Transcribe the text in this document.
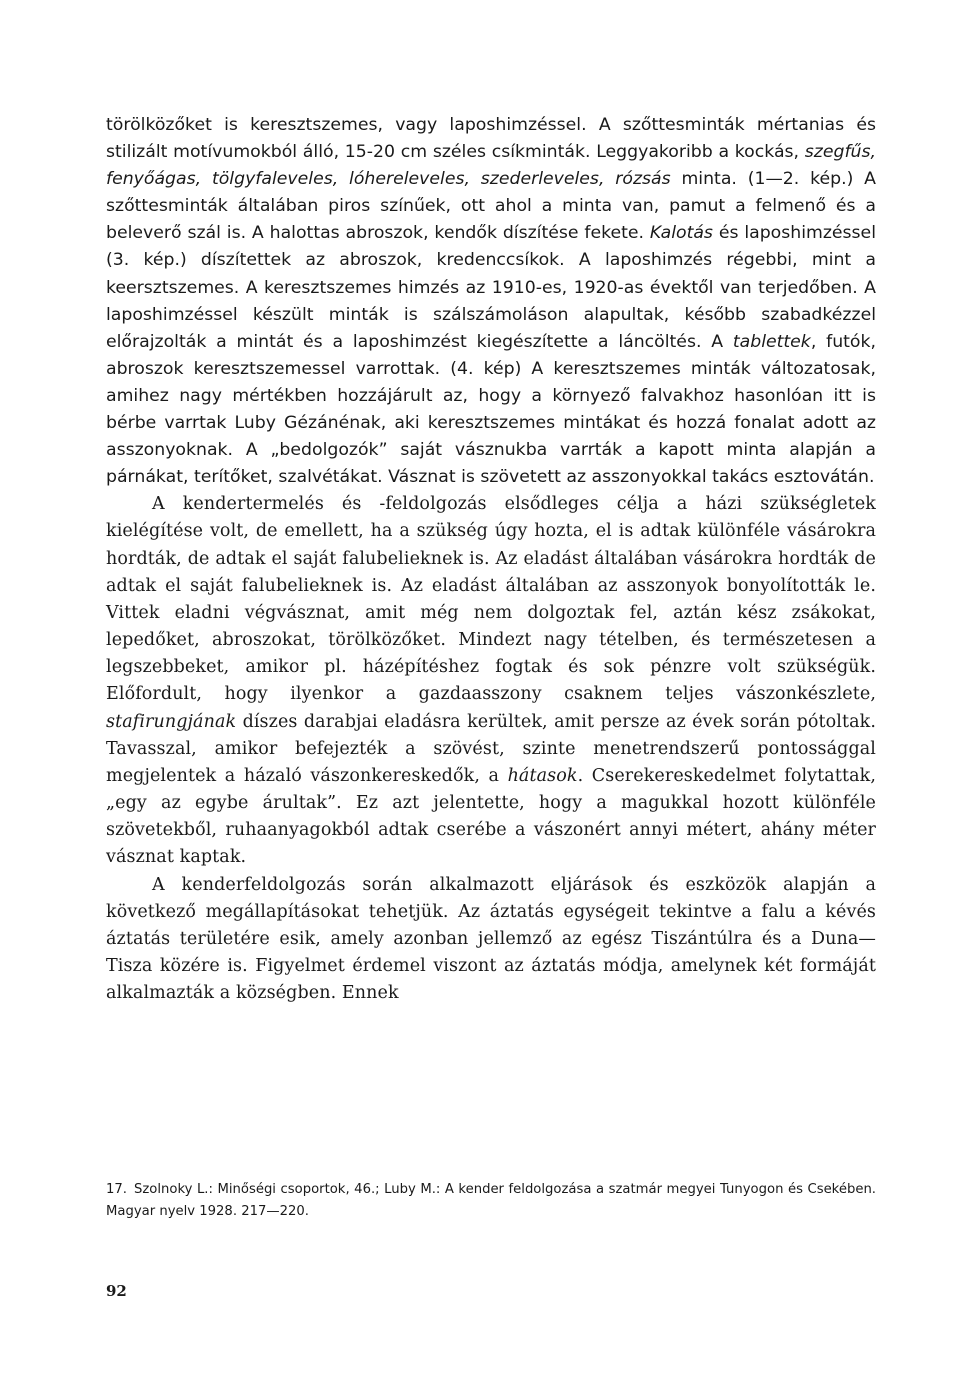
törölközőket is keresztszemes, vagy laposhimzéssel. A szőttesminták mértanias és stilizált motívumokból álló, 15-20 cm széles csíkminták. Leggyakoribb a kockás, szegfűs, fenyőágas, tölgyfaleveles, lóhereleveles, szederleveles, rózsás minta. (1—2. kép.) A szőttesminták általában piros színűek, ott ahol a minta van, pamut a felmenő és a beleverő szál is. A halottas abroszok, kendők díszítése fekete. Kalotás és laposhimzéssel (3. kép.) díszítettek az abroszok, kredenccsíkok. A laposhimzés régebbi, mint a keersztszemes. A keresztszemes himzés az 1910-es, 1920-as évektől van terjedőben. A laposhimzéssel készült minták is szálszámoláson alapultak, később szabadkézzel előrajzolták a mintát és a laposhimzést kiegészítette a láncöltés. A tablettek, futók, abroszok keresztszemessel varrottak. (4. kép) A keresztszemes minták változatosak, amihez nagy mértékben hozzájárult az, hogy a környező falvakhoz hasonlóan itt is bérbe varrtak Luby Gézánénak, aki keresztszemes mintákat és hozzá fonalat adott az asszonyoknak. A „bedolgozók” saját vásznukba varrták a kapott minta alapján a párnákat, terítőket, szalvétákat. Vásznat is szövetett az asszonyokkal takács esztovátán.

A kendertermelés és -feldolgozás elsődleges célja a házi szükségletek kielégítése volt, de emellett, ha a szükség úgy hozta, el is adtak különféle vásárokra hordták, de adtak el saját falubelieknek is. Az eladást általában vásárokra hordták de adtak el saját falubelieknek is. Az eladást általában az asszonyok bonyolították le. Vittek eladni végvásznat, amit még nem dolgoztak fel, aztán kész zsákokat, lepedőket, abroszokat, törölközőket. Mindezt nagy tételben, és természetesen a legszebbeket, amikor pl. házépítéshez fogtak és sok pénzre volt szükségük. Előfordult, hogy ilyenkor a gazdaasszony csaknem teljes vászonkészlete, stafirungjának díszes darabjai eladásra kerültek, amit persze az évek során pótoltak. Tavasszal, amikor befejezték a szövést, szinte menetrendszerű pontossággal megjelentek a házaló vászonkereskedők, a hátasok. Cserekereskedelmet folytattak, „egy az egybe árultak”. Ez azt jelentette, hogy a magukkal hozott különféle szövetekből, ruhaanyagokból adtak cserébe a vászonért annyi métert, ahány méter vásznat kaptak.

A kenderfeldolgozás során alkalmazott eljárások és eszközök alapján a következő megállapításokat tehetjük. Az áztatás egységeit tekintve a falu a kévés áztatás területére esik, amely azonban jellemző az egész Tiszántúlra és a Duna—Tisza közére is. Figyelmet érdemel viszont az áztatás módja, amelynek két formáját alkalmazták a községben. Ennek

17. Szolnoky L.: Minőségi csoportok, 46.; Luby M.: A kender feldolgozása a szatmár megyei Tunyogon és Csekében. Magyar nyelv 1928. 217—220.
92
